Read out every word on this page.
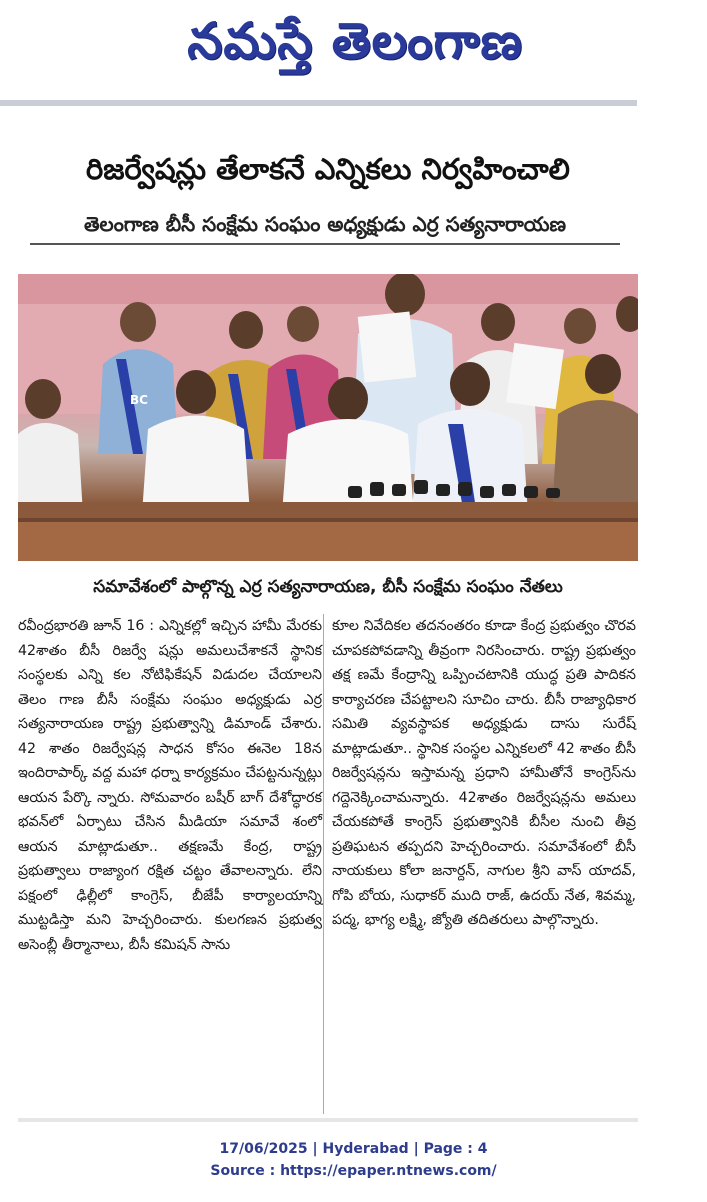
నమస్తే తెలంగాణ
రిజర్వేషన్లు తేలాకనే ఎన్నికలు నిర్వహించాలి
తెలంగాణ బీసీ సంక్షేమ సంఘం అధ్యక్షుడు ఎర్ర సత్యనారాయణ
BC
సమావేశంలో పాల్గొన్న ఎర్ర సత్యనారాయణ, బీసీ సంక్షేమ సంఘం నేతలు
రవీంద్రభారతి జూన్ 16 : ఎన్నికల్లో ఇచ్చిన హామీ మేరకు 42శాతం బీసీ రిజర్వే షన్లు అమలుచేశాకనే స్థానిక సంస్థలకు ఎన్ని కల నోటిఫికేషన్ విడుదల చేయాలని తెలం గాణ బీసీ సంక్షేమ సంఘం అధ్యక్షుడు ఎర్ర సత్యనారాయణ రాష్ట్ర ప్రభుత్వాన్ని డిమాండ్ చేశారు. 42 శాతం రిజర్వేషన్ల సాధన కోసం ఈనెల 18న ఇందిరాపార్క్ వద్ద మహా ధర్నా కార్యక్రమం చేపట్టనున్నట్లు ఆయన పేర్కొ న్నారు. సోమవారం బషీర్ బాగ్ దేశోద్ధారక భవన్‌లో ఏర్పాటు చేసిన మీడియా సమావే శంలో ఆయన మాట్లాడుతూ.. తక్షణమే కేంద్ర, రాష్ట్ర ప్రభుత్వాలు రాజ్యాంగ రక్షిత చట్టం తేవాలన్నారు. లేని పక్షంలో ఢిల్లీలో కాంగ్రెస్, బీజేపీ కార్యాలయాన్ని ముట్టడిస్తా మని హెచ్చరించారు. కులగణన ప్రభుత్వ అసెంబ్లీ తీర్మానాలు, బీసీ కమిషన్ సాను
కూల నివేదికల తదనంతరం కూడా కేంద్ర ప్రభుత్వం చొరవ చూపకపోవడాన్ని తీవ్రంగా నిరసించారు. రాష్ట్ర ప్రభుత్వం తక్ష ణమే కేంద్రాన్ని ఒప్పించటానికి యుద్ధ ప్రతి పాదికన కార్యాచరణ చేపట్టాలని సూచిం చారు. బీసీ రాజ్యాధికార సమితి వ్యవస్థాపక అధ్యక్షుడు దాసు సురేష్ మాట్లాడుతూ.. స్థానిక సంస్థల ఎన్నికలలో 42 శాతం బీసీ రిజర్వేషన్లను ఇస్తామన్న ప్రధాని హామీతోనే కాంగ్రెస్‌ను గద్దెనెక్కించామన్నారు. 42శాతం రిజర్వేషన్లను అమలు చేయకపోతే కాంగ్రెస్ ప్రభుత్వానికి బీసీల నుంచి తీవ్ర ప్రతిఘటన తప్పదని హెచ్చరించారు. సమావేశంలో బీసీ నాయకులు కోలా జనార్దన్, నాగుల శ్రీని వాస్ యాదవ్, గోపి బోయ, సుధాకర్ ముది రాజ్, ఉదయ్ నేత, శివమ్మ, పద్మ, భాగ్య లక్ష్మి, జ్యోతి తదితరులు పాల్గొన్నారు.
17/06/2025 | Hyderabad | Page : 4
Source : https://epaper.ntnews.com/
